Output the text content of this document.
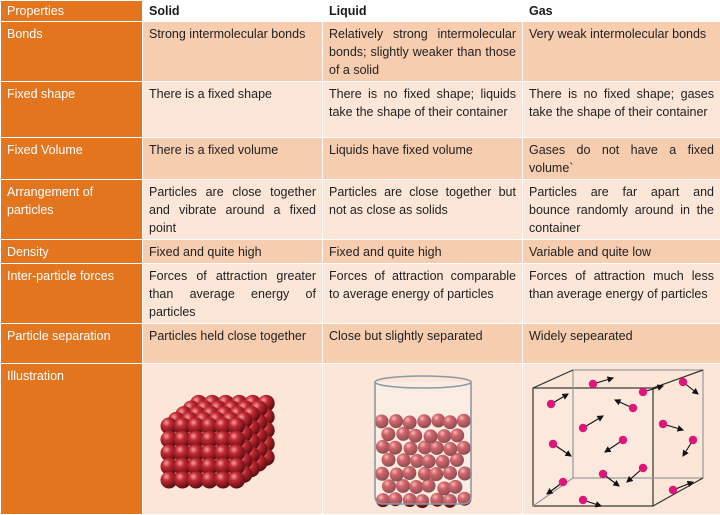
Properties	Solid	Liquid	Gas
Bonds	Strong intermolecular bonds	Relatively strong intermolecular bonds; slightly weaker than those of a solid	Very weak intermolecular bonds
Fixed shape	There is a fixed shape	There is no fixed shape; liquids take the shape of their container	There is no fixed shape; gases take the shape of their container
Fixed Volume	There is a fixed volume	Liquids have fixed volume	Gases do not have a fixed volume`
Arrangement of particles	Particles are close together and vibrate around a fixed point	Particles are close together but not as close as solids	Particles are far apart and bounce randomly around in the container
Density	Fixed and quite high	Fixed and quite high	Variable and quite low
Inter-particle forces	Forces of attraction greater than average energy of particles	Forces of attraction comparable to average energy of particles	Forces of attraction much less than average energy of particles
Particle separation	Particles held close together	Close but slightly separated	Widely sepearated
Illustration	
